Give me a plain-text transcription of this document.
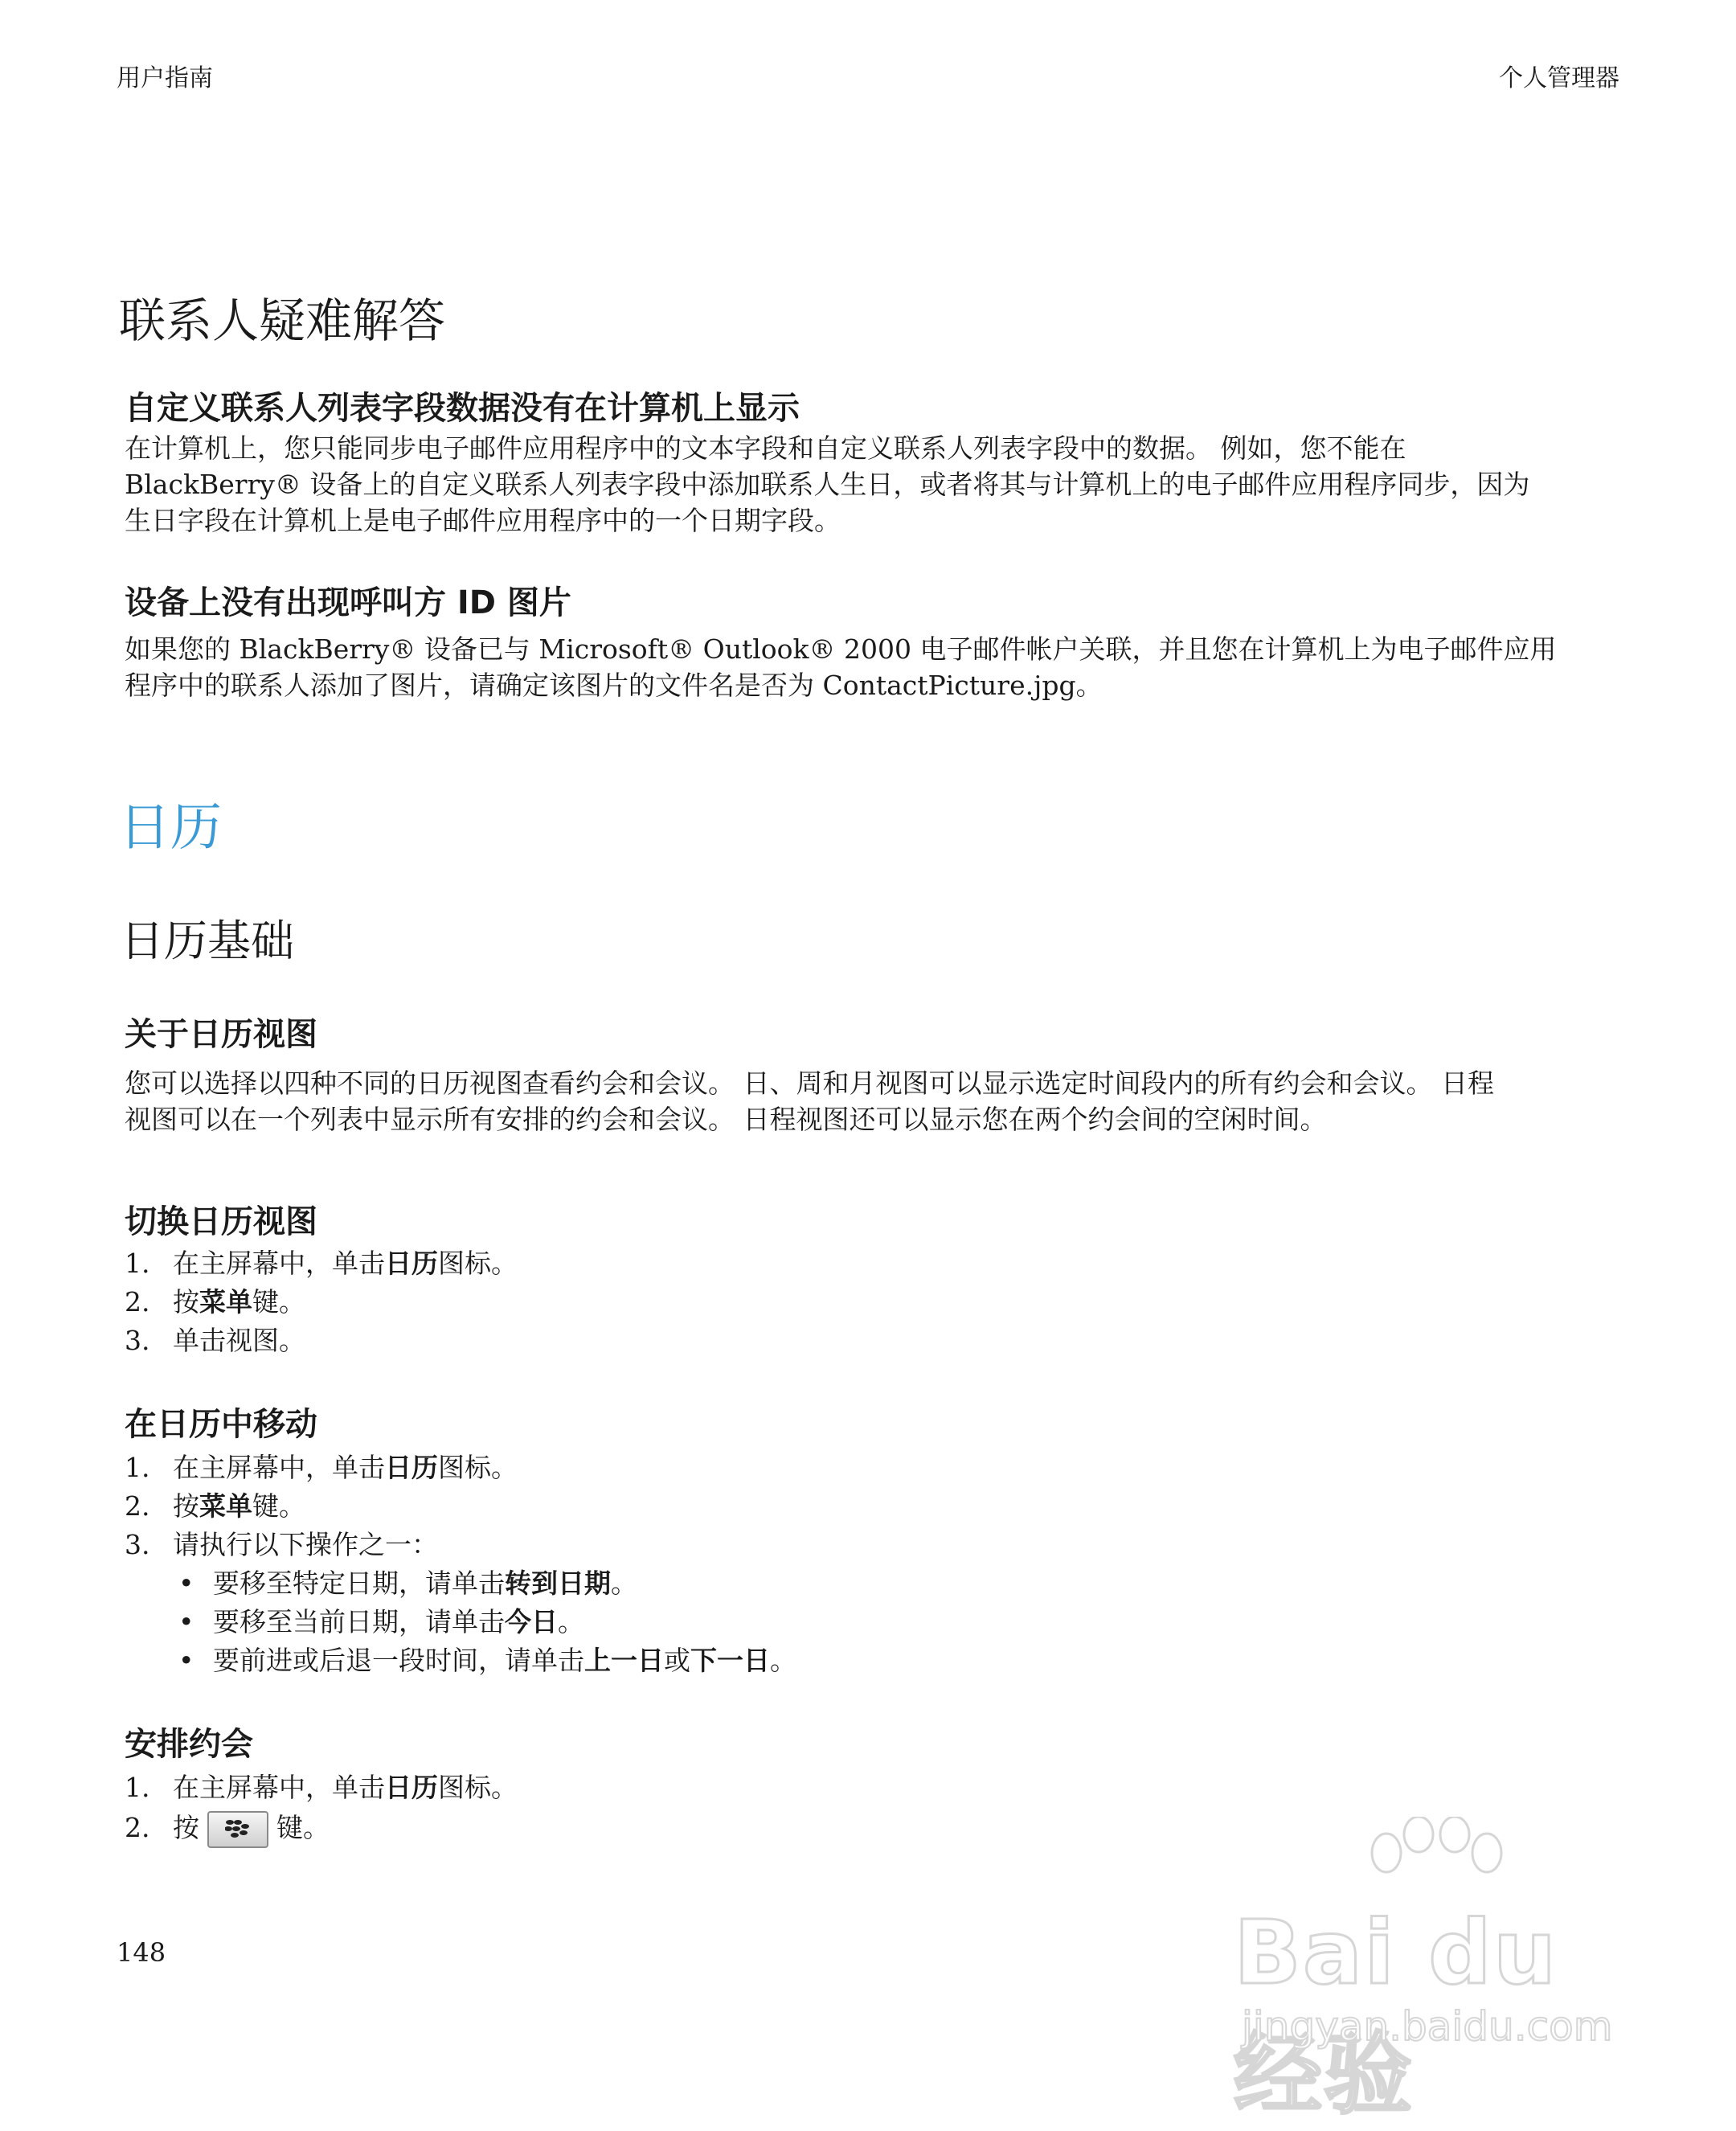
用户指南	个人管理器
联系人疑难解答
自定义联系人列表字段数据没有在计算机上显示

在计算机上，您只能同步电子邮件应用程序中的文本字段和自定义联系人列表字段中的数据。 例如，您不能在

BlackBerry® 设备上的自定义联系人列表字段中添加联系人生日，或者将其与计算机上的电子邮件应用程序同步，因为

生日字段在计算机上是电子邮件应用程序中的一个日期字段。

设备上没有出现呼叫方 ID 图片

如果您的 BlackBerry® 设备已与 Microsoft® Outlook® 2000 电子邮件帐户关联，并且您在计算机上为电子邮件应用

程序中的联系人添加了图片，请确定该图片的文件名是否为 ContactPicture.jpg。

日历
日历基础
关于日历视图

您可以选择以四种不同的日历视图查看约会和会议。 日、周和月视图可以显示选定时间段内的所有约会和会议。 日程

视图可以在一个列表中显示所有安排的约会和会议。 日程视图还可以显示您在两个约会间的空闲时间。

切换日历视图
1. 在主屏幕中，单击日历图标。
2. 按菜单键。
3. 单击视图。
在日历中移动
1. 在主屏幕中，单击日历图标。
2. 按菜单键。
3. 请执行以下操作之一：
• 要移至特定日期，请单击转到日期。
• 要移至当前日期，请单击今日。
• 要前进或后退一段时间，请单击上一日或下一日。
安排约会
1. 在主屏幕中，单击日历图标。
2. 按	键。
148	Bai du 经验
jingyan.baidu.com
